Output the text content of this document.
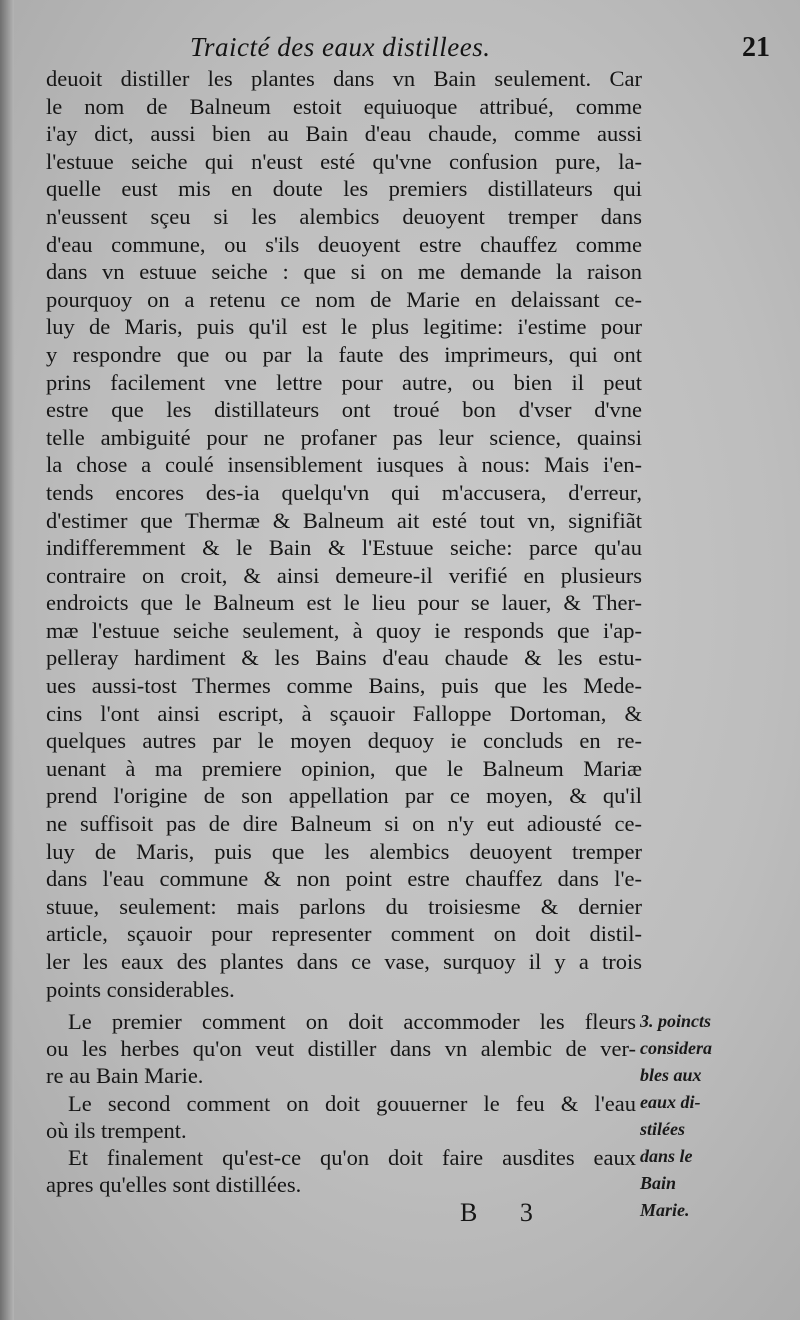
Traicté des eaux distillees.	21
deuoit distiller les plantes dans vn Bain seulement. Car
le nom de Balneum estoit equiuoque attribué, comme
i'ay dict, aussi bien au Bain d'eau chaude, comme aussi
l'estuue seiche qui n'eust esté qu'vne confusion pure, la-
quelle eust mis en doute les premiers distillateurs qui
n'eussent sçeu si les alembics deuoyent tremper dans
d'eau commune, ou s'ils deuoyent estre chauffez comme
dans vn estuue seiche : que si on me demande la raison
pourquoy on a retenu ce nom de Marie en delaissant ce-
luy de Maris, puis qu'il est le plus legitime: i'estime pour
y respondre que ou par la faute des imprimeurs, qui ont
prins facilement vne lettre pour autre, ou bien il peut
estre que les distillateurs ont troué bon d'vser d'vne
telle ambiguité pour ne profaner pas leur science, quainsi
la chose a coulé insensiblement iusques à nous: Mais i'en-
tends encores des-ia quelqu'vn qui m'accusera, d'erreur,
d'estimer que Thermæ & Balneum ait esté tout vn, signifiãt
indifferemment & le Bain & l'Estuue seiche: parce qu'au
contraire on croit, & ainsi demeure-il verifié en plusieurs
endroicts que le Balneum est le lieu pour se lauer, & Ther-
mæ l'estuue seiche seulement, à quoy ie responds que i'ap-
pelleray hardiment & les Bains d'eau chaude & les estu-
ues aussi-tost Thermes comme Bains, puis que les Mede-
cins l'ont ainsi escript, à sçauoir Falloppe Dortoman, &
quelques autres par le moyen dequoy ie concluds en re-
uenant à ma premiere opinion, que le Balneum Mariæ
prend l'origine de son appellation par ce moyen, & qu'il
ne suffisoit pas de dire Balneum si on n'y eut adiousté ce-
luy de Maris, puis que les alembics deuoyent tremper
dans l'eau commune & non point estre chauffez dans l'e-
stuue, seulement: mais parlons du troisiesme & dernier
article, sçauoir pour representer comment on doit distil-
ler les eaux des plantes dans ce vase, surquoy il y a trois
points considerables.
Le premier comment on doit accommoder les fleurs
ou les herbes qu'on veut distiller dans vn alembic de ver-
re au Bain Marie.
Le second comment on doit gouuerner le feu & l'eau
où ils trempent.
Et finalement qu'est-ce qu'on doit faire ausdites eaux
apres qu'elles sont distillées.
3. poincts
considera
bles aux
eaux di-
stilées
dans le
Bain
Marie.
B 3
